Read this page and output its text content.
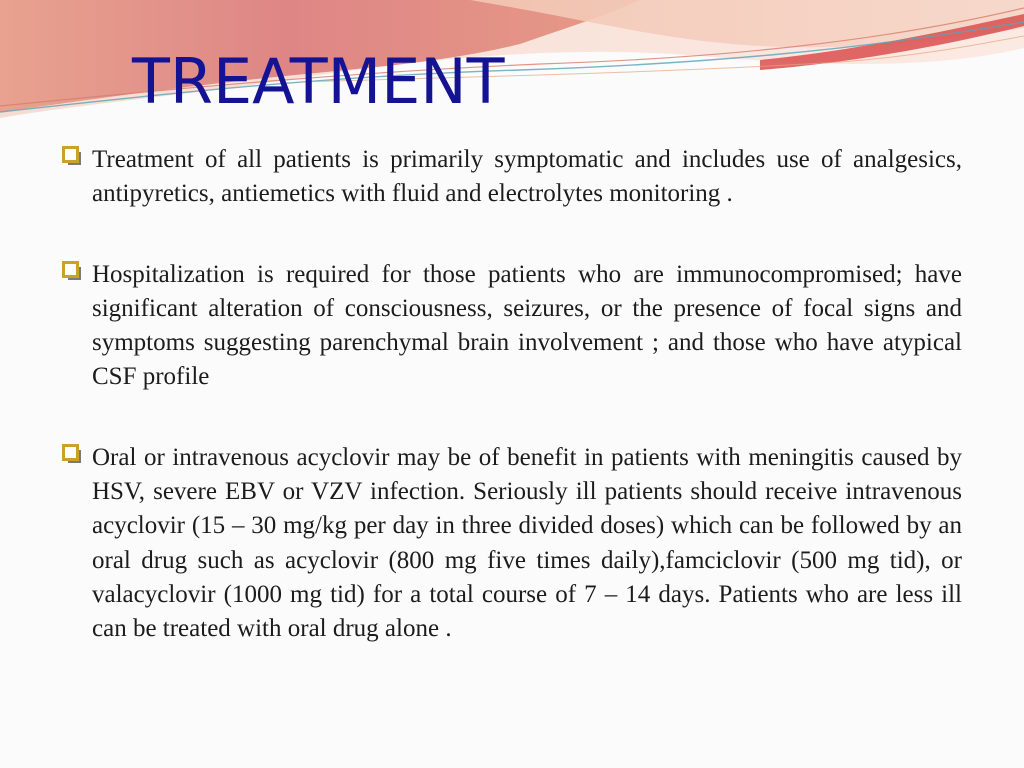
TREATMENT
Treatment of all patients is primarily symptomatic and includes use of analgesics, antipyretics, antiemetics with fluid and electrolytes monitoring .
Hospitalization is required for those patients who are immunocompromised; have significant alteration of consciousness, seizures, or the presence of focal signs and symptoms suggesting parenchymal brain involvement ; and those who have atypical CSF profile
Oral or intravenous acyclovir may be of benefit in patients with meningitis caused by HSV, severe EBV or VZV infection. Seriously ill patients should receive intravenous acyclovir (15 – 30 mg/kg per day in three divided doses) which can be followed by an oral drug such as acyclovir (800 mg five times daily),famciclovir (500 mg tid), or valacyclovir (1000 mg tid) for a total course of 7 – 14 days. Patients who are less ill can be treated with oral drug alone .
